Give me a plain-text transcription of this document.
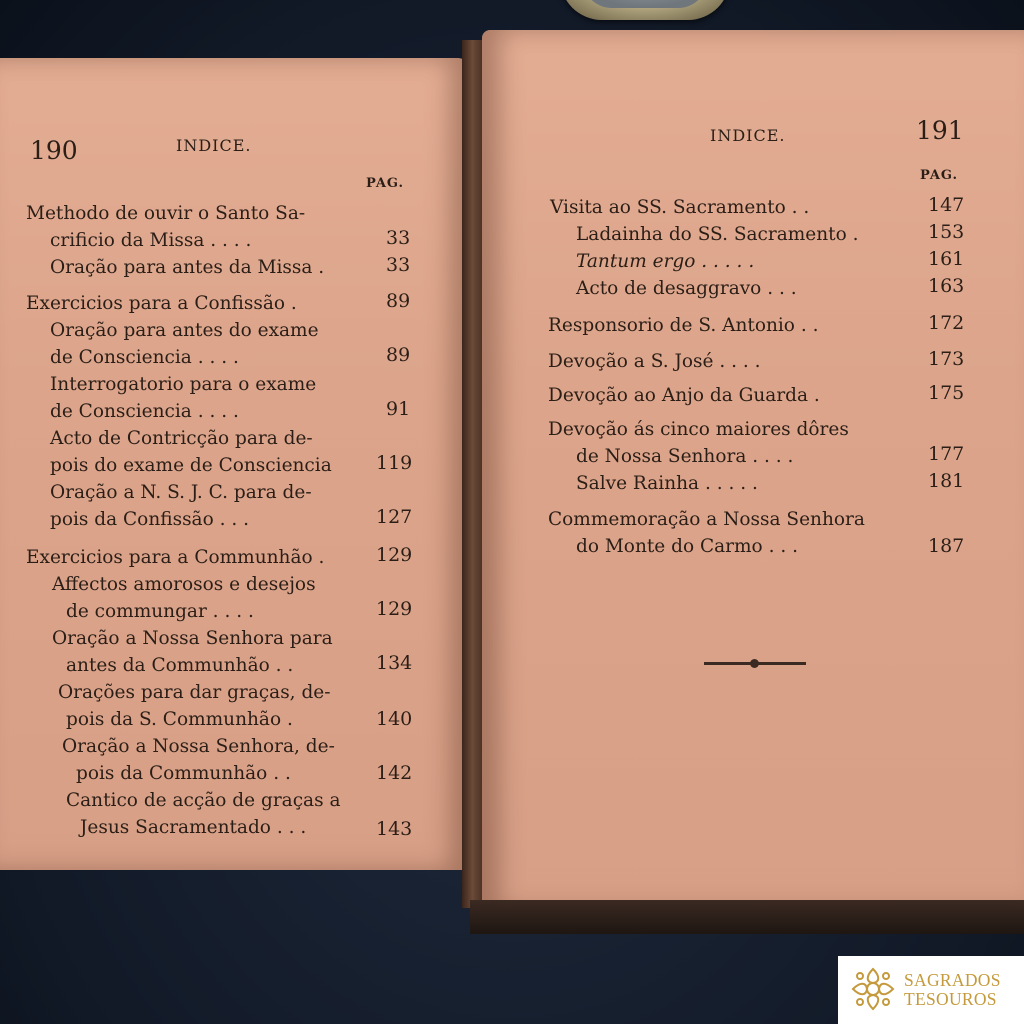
190	INDICE.
PAG.
Methodo de ouvir o Santo Sa-
crificio da Missa . . . .	33
Oração para antes da Missa .	33
Exercicios para a Confissão .	89
Oração para antes do exame
de Consciencia . . . .	89
Interrogatorio para o exame
de Consciencia . . . .	91
Acto de Contricção para de-
pois do exame de Consciencia 119
Oração a N. S. J. C. para de-
pois da Confissão . . .	127
Exercicios para a Communhão .	129
Affectos amorosos e desejos
de commungar . . . .	129
Oração a Nossa Senhora para
antes da Communhão . .	134
Orações para dar graças, de-
pois da S. Communhão .	140
Oração a Nossa Senhora, de-
pois da Communhão . .	142
Cantico de acção de graças a
Jesus Sacramentado . . .	143
INDICE.	191
PAG.
Visita ao SS. Sacramento . .	147
Ladainha do SS. Sacramento .	153
Tantum ergo . . . . .	161
Acto de desaggravo . . .	163
Responsorio de S. Antonio . .	172
Devoção a S. José . . . .	173
Devoção ao Anjo da Guarda .	175
Devoção ás cinco maiores dôres
de Nossa Senhora . . . .	177
Salve Rainha . . . . .	181
Commemoração a Nossa Senhora
do Monte do Carmo . . .	187
SAGRADOS
TESOUROS
